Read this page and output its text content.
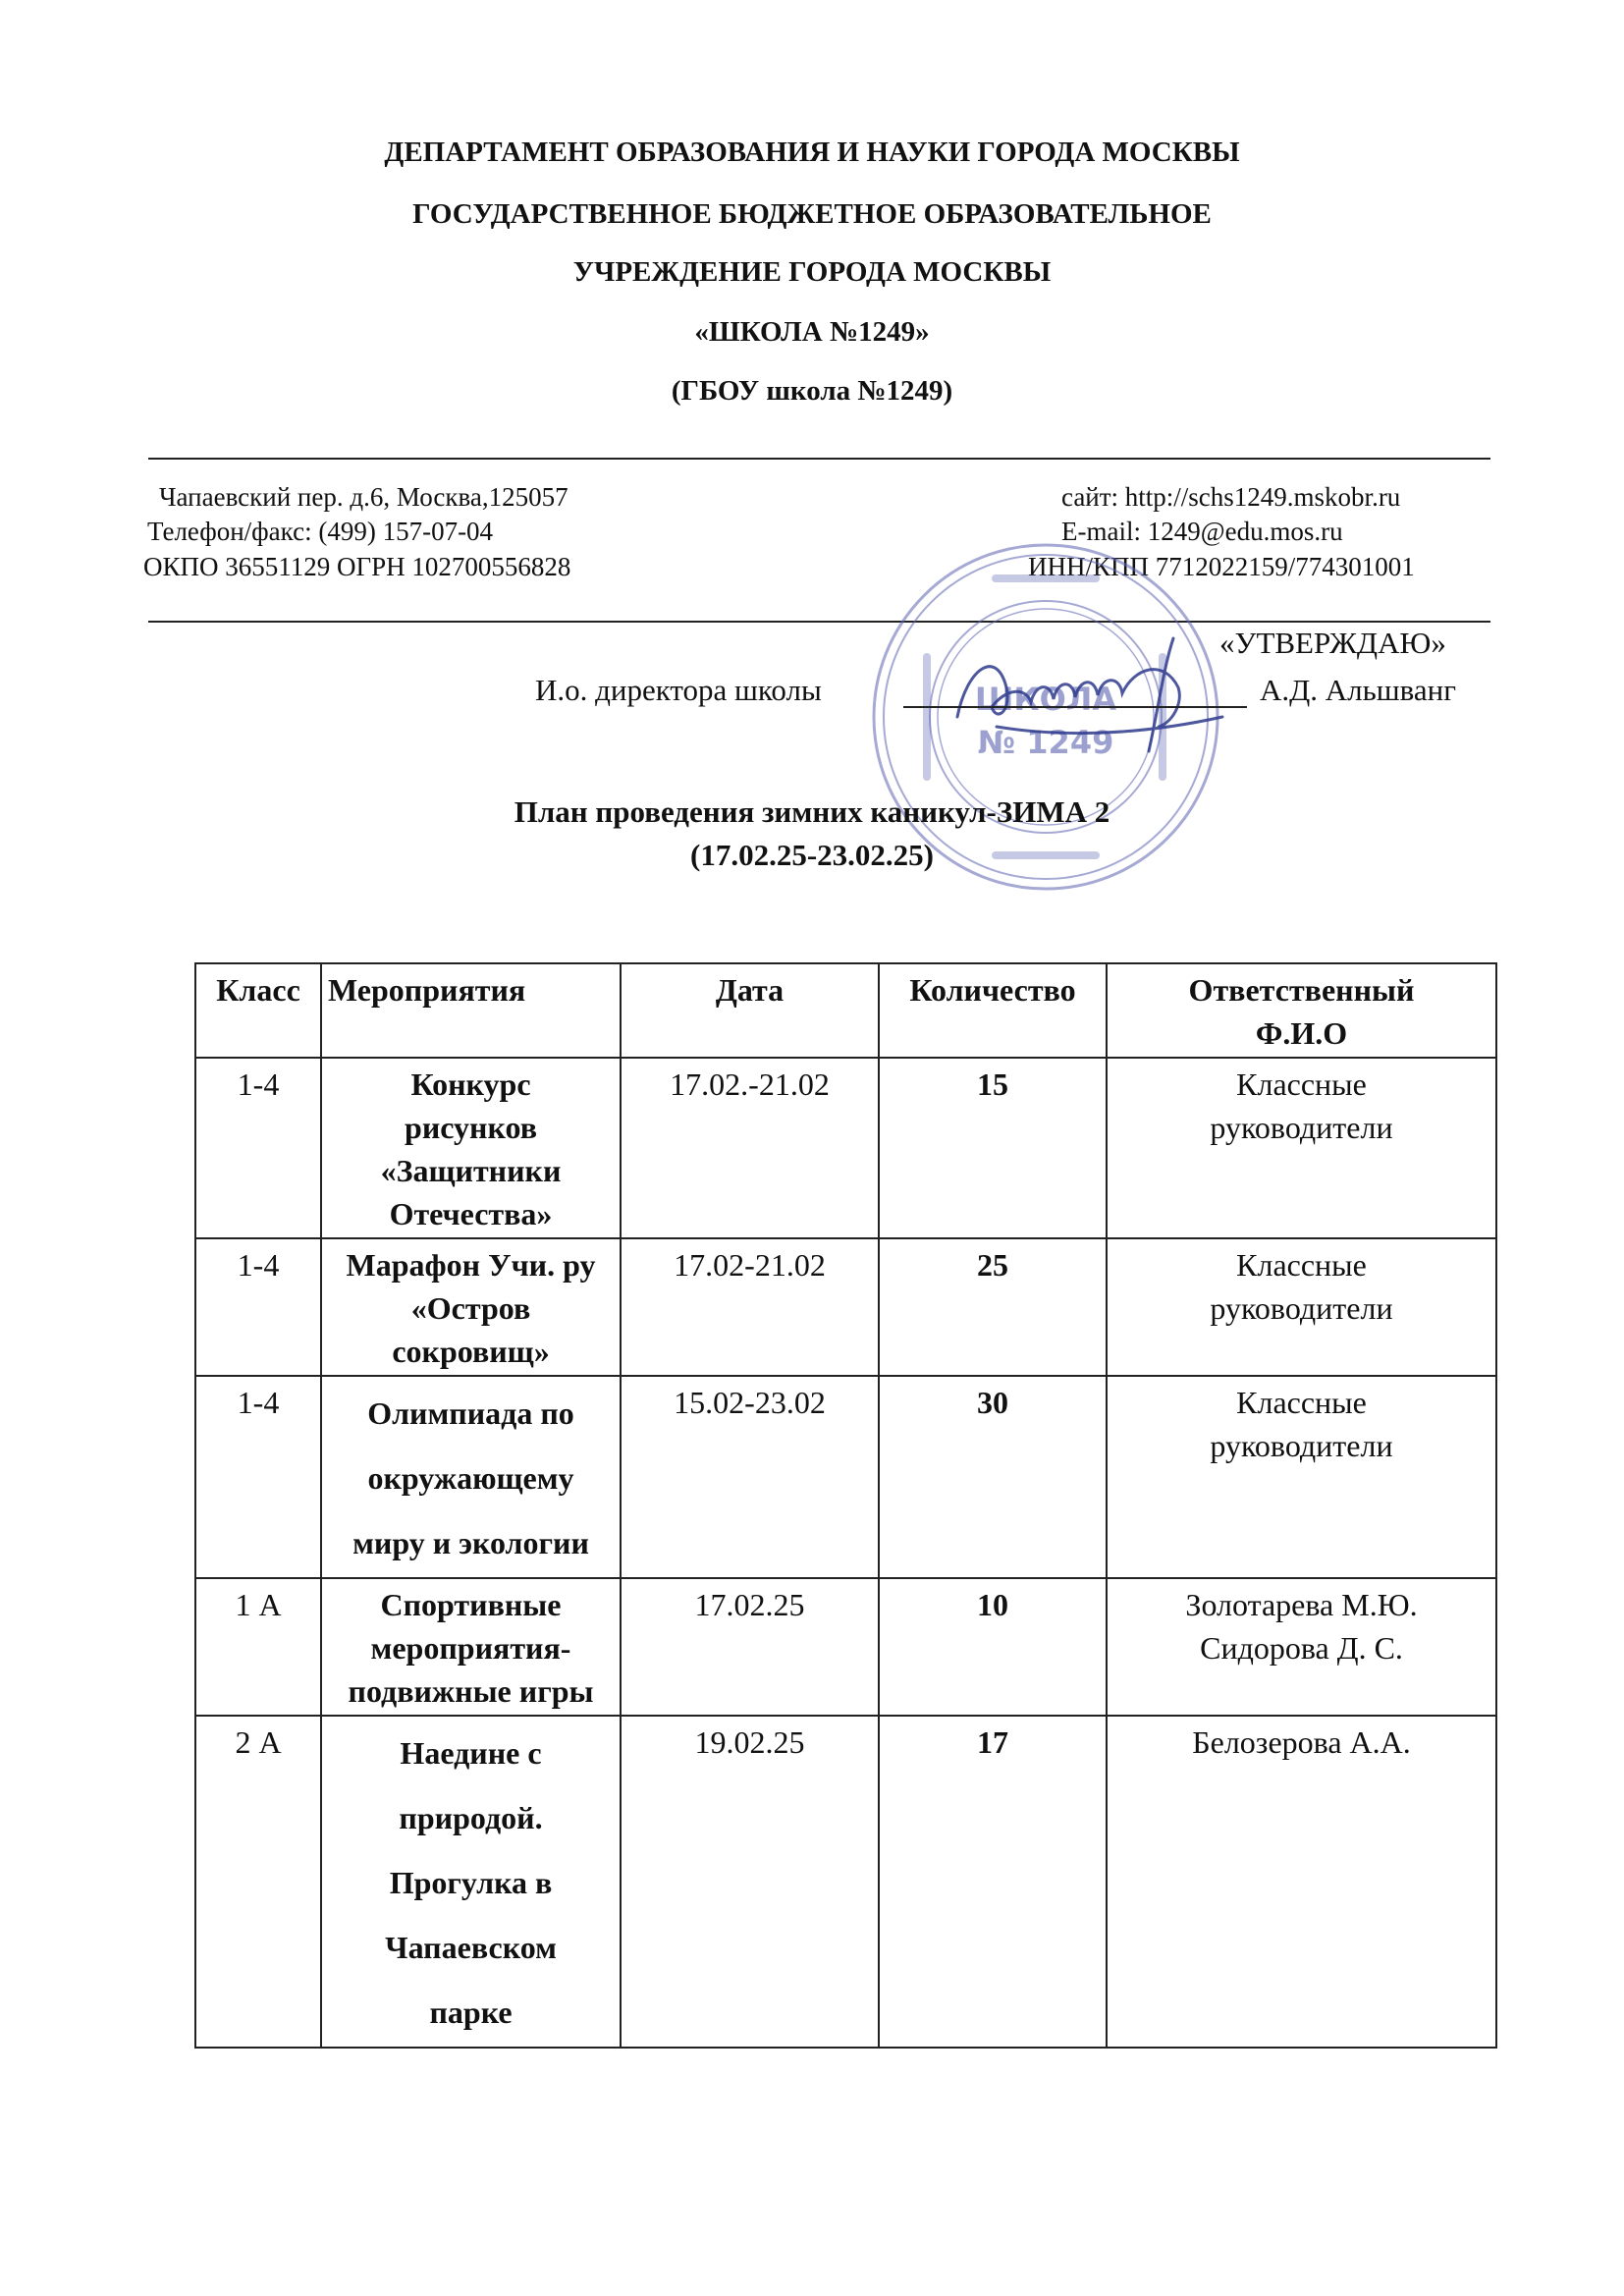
ДЕПАРТАМЕНТ ОБРАЗОВАНИЯ И НАУКИ ГОРОДА МОСКВЫ
ГОСУДАРСТВЕННОЕ БЮДЖЕТНОЕ ОБРАЗОВАТЕЛЬНОЕ
УЧРЕЖДЕНИЕ ГОРОДА МОСКВЫ
«ШКОЛА №1249»
(ГБОУ школа №1249)
Чапаевский пер. д.6, Москва,125057
Телефон/факс: (499) 157-07-04
ОКПО 36551129 ОГРН 102700556828
сайт: http://schs1249.mskobr.ru
E-mail: 1249@edu.mos.ru
ИНН/КПП 7712022159/774301001
ШКОЛА
№ 1249
«УТВЕРЖДАЮ»
И.о. директора школы	А.Д. Альшванг
План проведения зимних каникул-ЗИМА 2
(17.02.25-23.02.25)
Класс	Мероприятия	Дата	Количество	Ответственный
Ф.И.О
1-4	Конкурс
рисунков
«Защитники
Отечества»	17.02.-21.02	15	Классные
руководители
1-4	Марафон Учи. ру
«Остров
сокровищ»	17.02-21.02	25	Классные
руководители
1-4	Олимпиада по
окружающему
миру и экологии	15.02-23.02	30	Классные
руководители
1 А	Спортивные
мероприятия-
подвижные игры	17.02.25	10	Золотарева М.Ю.
Сидорова Д. С.
2 А	Наедине с
природой.
Прогулка в
Чапаевском
парке	19.02.25	17	Белозерова А.А.
